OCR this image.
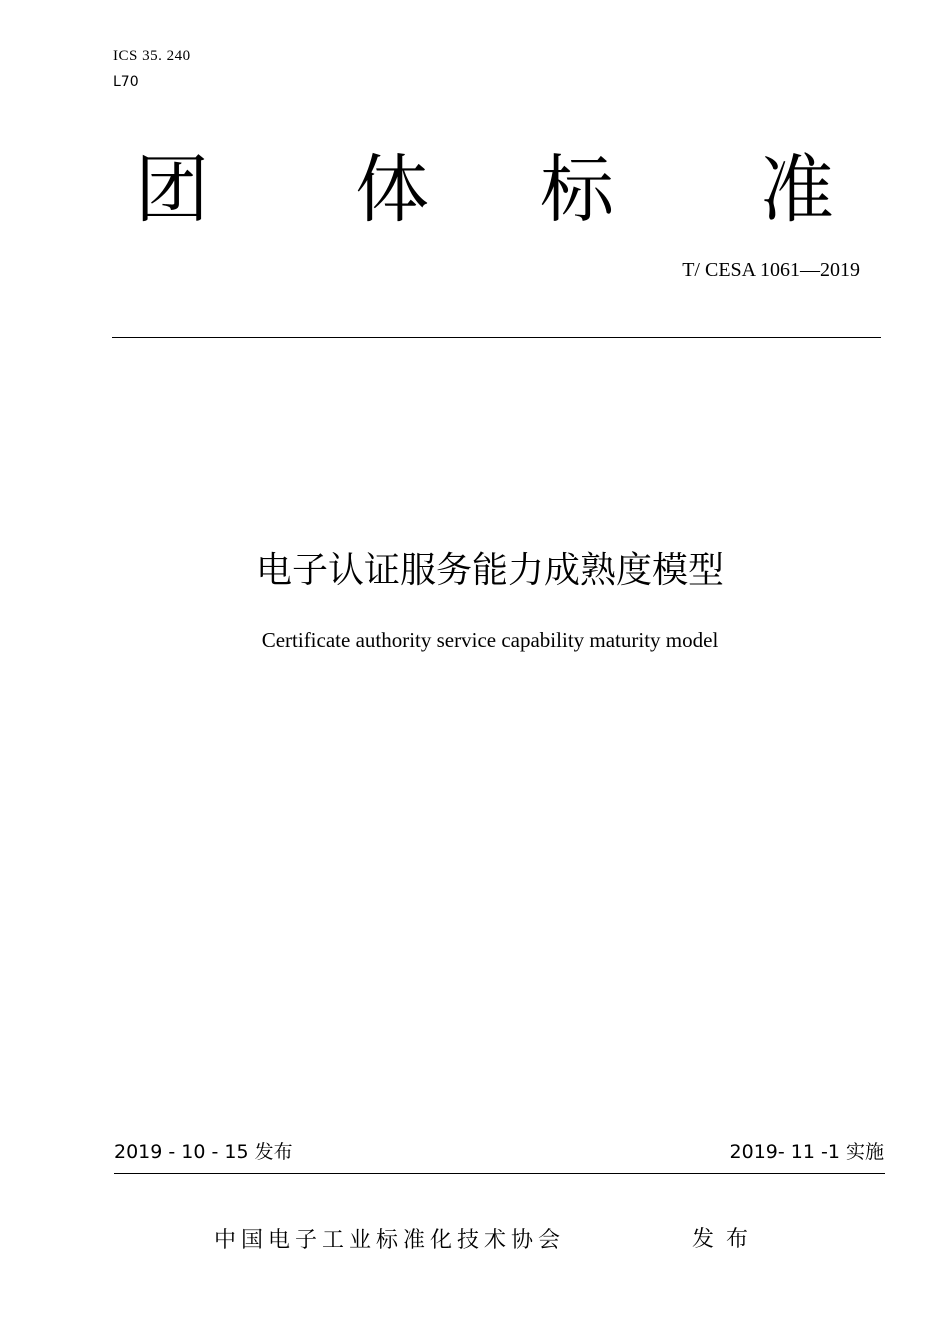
ICS 35. 240
L70
团 体 标 准
T/ CESA 1061—2019
电子认证服务能力成熟度模型
Certificate authority service capability maturity model
2019 - 10 - 15 发布	2019- 11 -1 实施
中国电子工业标准化技术协会	发布
